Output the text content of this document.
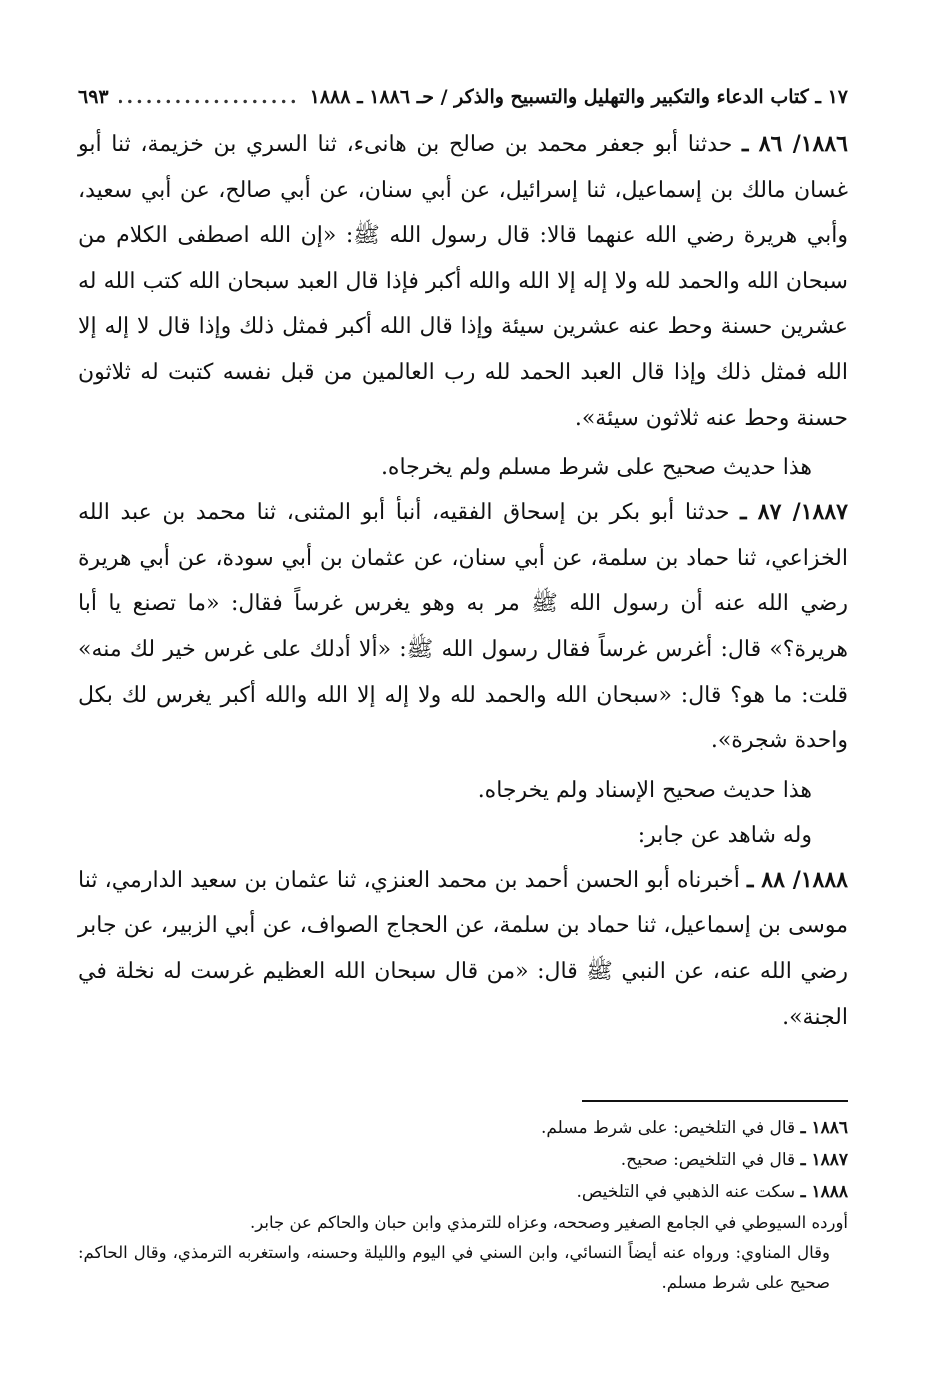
١٧ ـ كتاب الدعاء والتكبير والتهليل والتسبيح والذكر / حـ ١٨٨٦ ـ ١٨٨٨
.....
٦٩٣

١٨٨٦/ ٨٦ ـ حدثنا أبو جعفر محمد بن صالح بن هانىء، ثنا السري بن خزيمة، ثنا أبو غسان مالك بن إسماعيل، ثنا إسرائيل، عن أبي سنان، عن أبي صالح، عن أبي سعيد، وأبي هريرة رضي الله عنهما قالا: قال رسول الله ﷺ: «إن الله اصطفى الكلام من سبحان الله والحمد لله ولا إله إلا الله والله أكبر فإذا قال العبد سبحان الله كتب الله له عشرين حسنة وحط عنه عشرين سيئة وإذا قال الله أكبر فمثل ذلك وإذا قال لا إله إلا الله فمثل ذلك وإذا قال العبد الحمد لله رب العالمين من قبل نفسه كتبت له ثلاثون حسنة وحط عنه ثلاثون سيئة».

هذا حديث صحيح على شرط مسلم ولم يخرجاه.

١٨٨٧/ ٨٧ ـ حدثنا أبو بكر بن إسحاق الفقيه، أنبأ أبو المثنى، ثنا محمد بن عبد الله الخزاعي، ثنا حماد بن سلمة، عن أبي سنان، عن عثمان بن أبي سودة، عن أبي هريرة رضي الله عنه أن رسول الله ﷺ مر به وهو يغرس غرساً فقال: «ما تصنع يا أبا هريرة؟» قال: أغرس غرساً فقال رسول الله ﷺ: «ألا أدلك على غرس خير لك منه» قلت: ما هو؟ قال: «سبحان الله والحمد لله ولا إله إلا الله والله أكبر يغرس لك بكل واحدة شجرة».

هذا حديث صحيح الإسناد ولم يخرجاه.

وله شاهد عن جابر:

١٨٨٨/ ٨٨ ـ أخبرناه أبو الحسن أحمد بن محمد العنزي، ثنا عثمان بن سعيد الدارمي، ثنا موسى بن إسماعيل، ثنا حماد بن سلمة، عن الحجاج الصواف، عن أبي الزبير، عن جابر رضي الله عنه، عن النبي ﷺ قال: «من قال سبحان الله العظيم غرست له نخلة في الجنة».

١٨٨٦ ـ قال في التلخيص: على شرط مسلم.

١٨٨٧ ـ قال في التلخيص: صحيح.

١٨٨٨ ـ سكت عنه الذهبي في التلخيص.

أورده السيوطي في الجامع الصغير وصححه، وعزاه للترمذي وابن حبان والحاكم عن جابر.

وقال المناوي: ورواه عنه أيضاً النسائي، وابن السني في اليوم والليلة وحسنه، واستغربه الترمذي، وقال الحاكم: صحيح على شرط مسلم.
